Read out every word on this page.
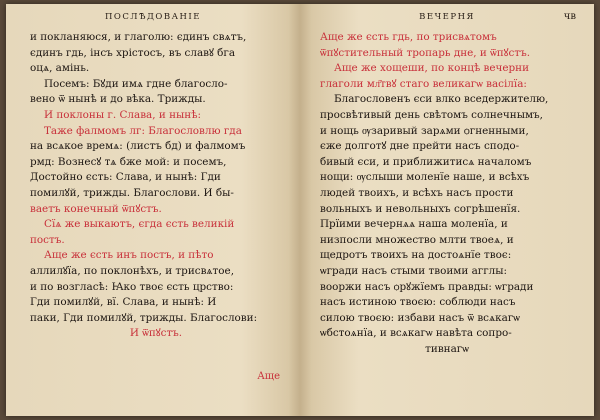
ПОСЛѢДОВАНІЕ
и покланяюся, и глаголю: єдинъ свѧтъ,
єдинъ гдь, інсъ хрістосъ, въ славꙋ бга
оцѧ, амінь.
Посемъ: Бꙋди имѧ гдне благосло-
вено ѿ нынѣ и до вѣка. Трижды.
И поклоны г. Слава, и нынѣ:
Таже фалмомъ лг: Благословлю гда
на всѧкое времѧ: (листъ бд) и фалмомъ
рмд: Вознесꙋ тѧ бже мой: и посемъ,
Достойно єсть: Слава, и нынѣ: Гди
помилꙋй, трижды. Благослови. И бы-
ваетъ конечный ѿпꙋстъ.
Сїѧ же выкаютъ, єгда єсть великій
постъ.
Аще же єсть инъ постъ, и пѣто
аллилꙋїа, по поклонѣхъ, и трисвѧтое,
и по возгласѣ: Ꙗко твоє єсть црство:
Гди помилꙋй, вї. Слава, и нынѣ: И
паки, Гди помилꙋй, трижды. Благослови:
И ѿпꙋстъ.
Аще
ВЕЧЕРНЯ	чв
Аще же єсть гдь, по трисвѧтомъ
ѿпꙋстительный тропарь дне, и ѿпꙋстъ.
Аще же хощеши, по концѣ вечерни
глаголи мл҃твꙋ стаго великагѡ васілїа:
Благословенъ єси влко вседержителю,
просвѣтивый день свѣтомъ солнечнымъ,
и нощь ѹзаривый зарѧми ѻгненными,
єже долготꙋ дне прейти насъ сподо-
бивый єси, и приближитисѧ началомъ
нощи: ѹслыши моленїе наше, и всѣхъ
людей твоихъ, и всѣхъ насъ прости
вольныхъ и невольныхъ согрѣшенїя.
Прїими вечернѧѧ наша моленїа, и
низпосли множество млти твоеѧ, и
щедротъ твоихъ на достоѧнїе твоє:
ѡгради насъ стыми твоими агглы:
вооржи насъ ѻрꙋжїемъ правды: ѡгради
насъ истиною твоєю: соблюди насъ
силою твоєю: избави насъ ѿ всѧкагѡ
ѡбстоѧнїа, и всѧкагѡ навѣта сопро-
тивнагѡ
